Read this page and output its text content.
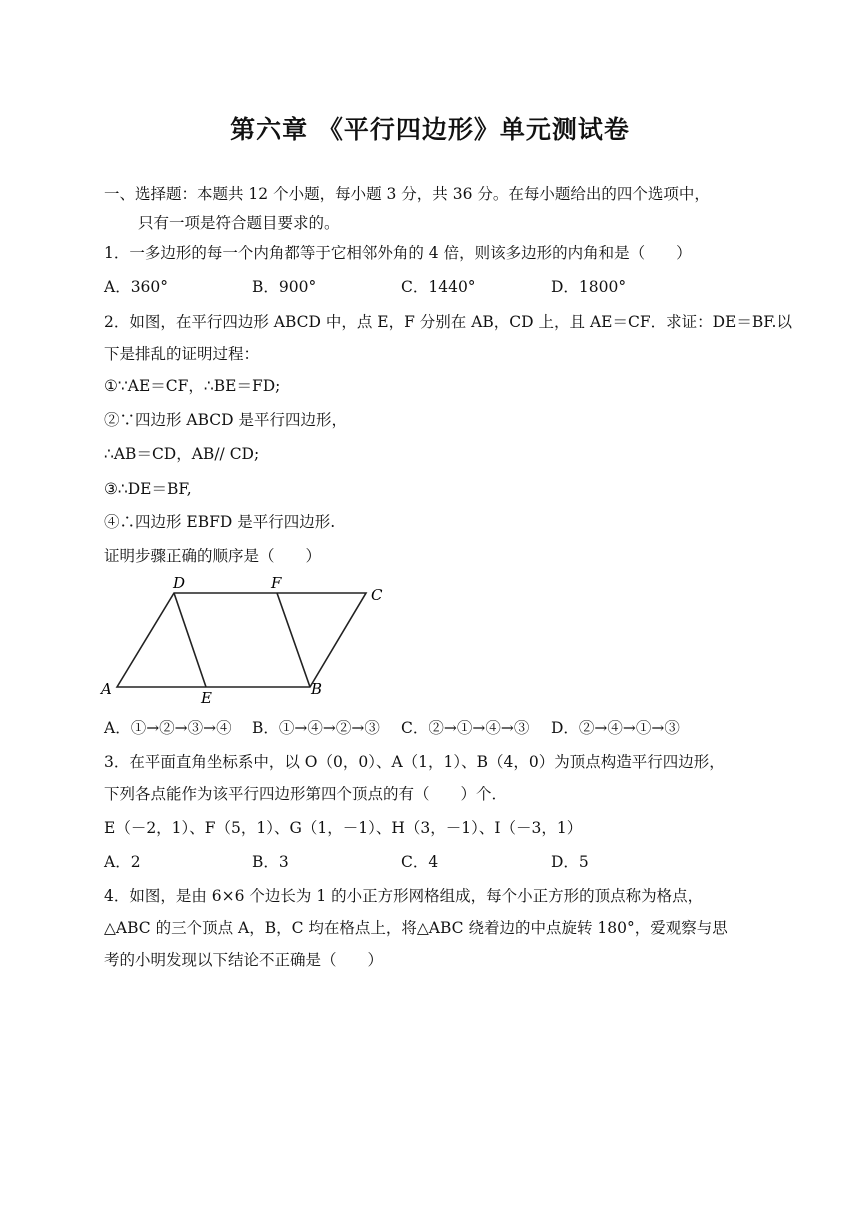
第六章 《平行四边形》单元测试卷
一、选择题：本题共 12 个小题，每小题 3 分，共 36 分。在每小题给出的四个选项中，
只有一项是符合题目要求的。
1．一多边形的每一个内角都等于它相邻外角的 4 倍，则该多边形的内角和是（　　）
A．360°	B．900°	C．1440°	D．1800°
2．如图，在平行四边形 ABCD 中，点 E，F 分别在 AB，CD 上，且 AE＝CF．求证：DE＝BF.以
下是排乱的证明过程：
①∵AE＝CF，∴BE＝FD;
②∵四边形 ABCD 是平行四边形，
∴AB＝CD，AB// CD;
③∴DE＝BF,
④∴四边形 EBFD 是平行四边形.
证明步骤正确的顺序是（　　）
A	B
C
D
E
F
A．①→②→③→④ B．①→④→②→③ C．②→①→④→③ D．②→④→①→③
3．在平面直角坐标系中，以 O（0，0）、A（1，1）、B（4，0）为顶点构造平行四边形，
下列各点能作为该平行四边形第四个顶点的有（　　）个．
E（－2，1）、F（5，1）、G（1，－1）、H（3，－1）、I（－3，1）
A．2	B．3	C．4	D．5
4．如图，是由 6×6 个边长为 1 的小正方形网格组成，每个小正方形的顶点称为格点，
△ABC 的三个顶点 A，B，C 均在格点上，将△ABC 绕着边的中点旋转 180°，爱观察与思
考的小明发现以下结论不正确是（　　）
